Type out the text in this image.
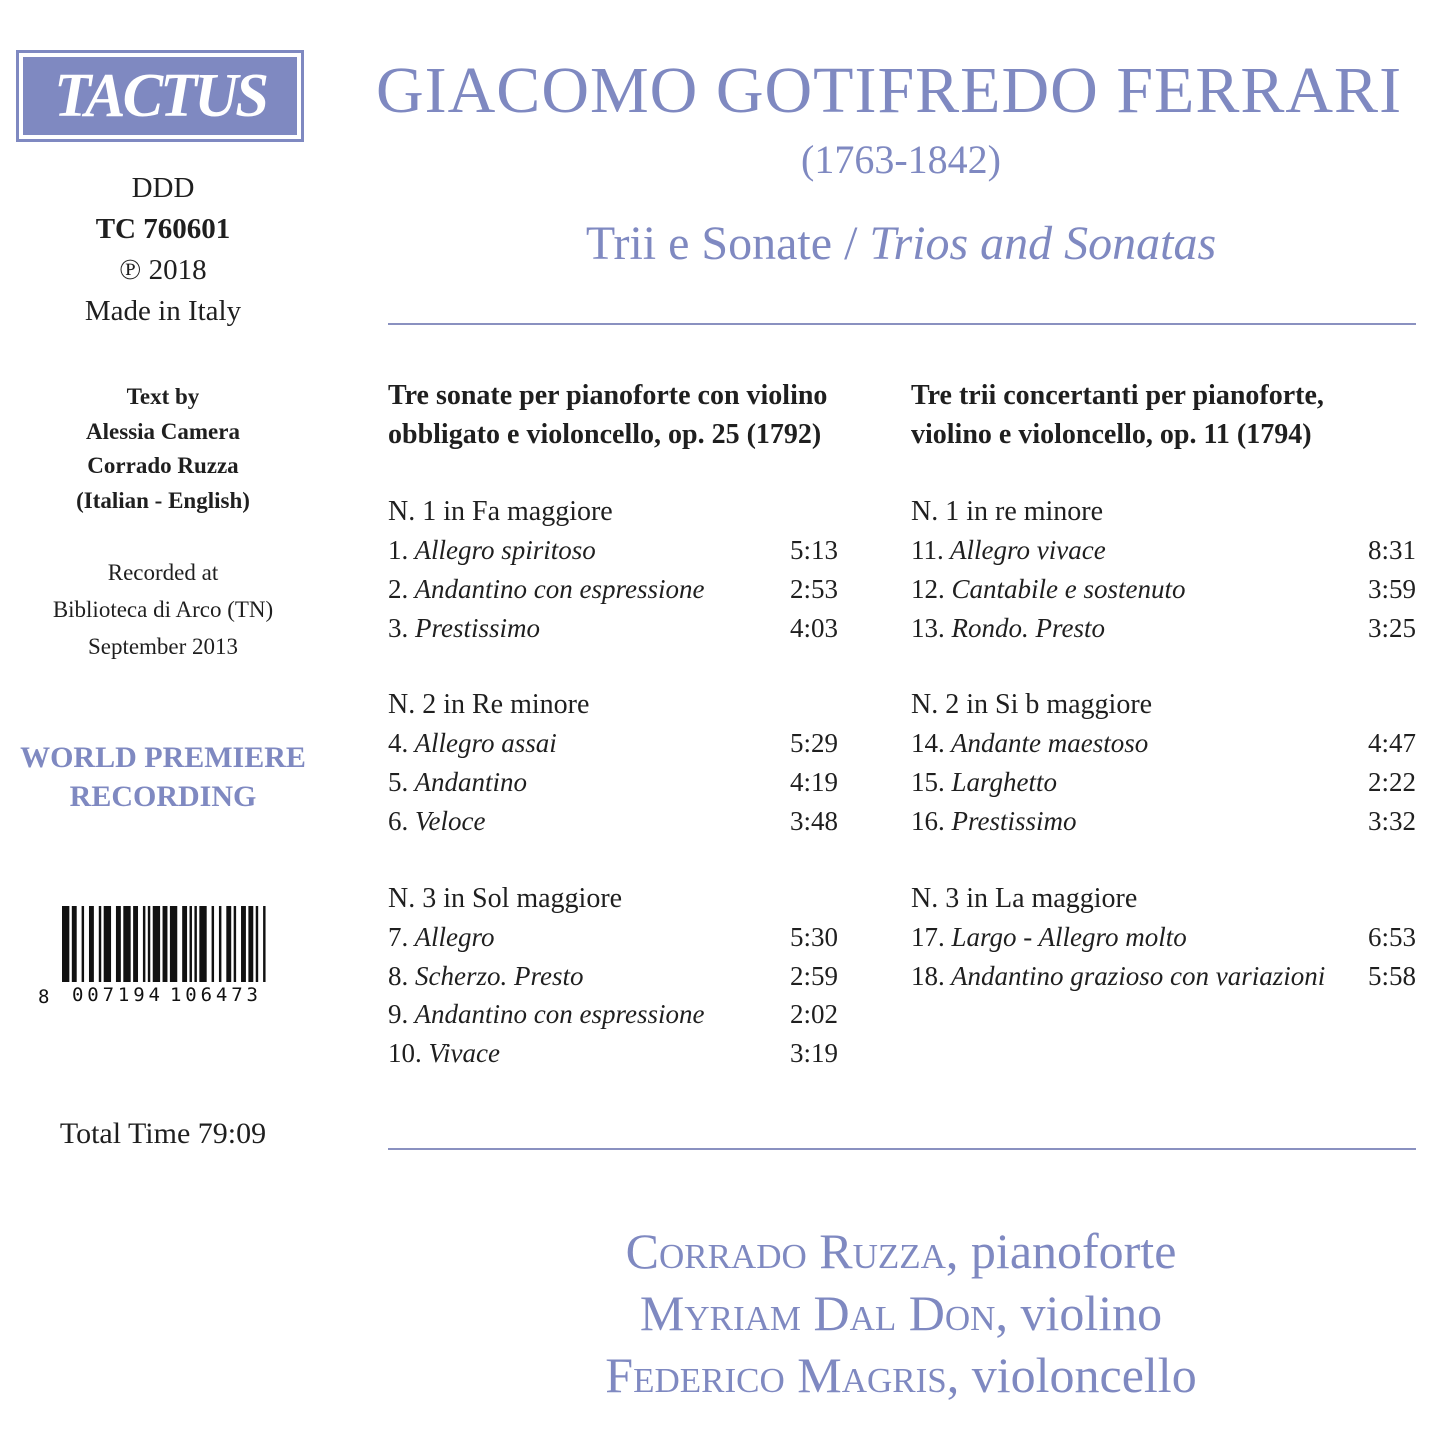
TACTUS
DDD
TC 760601
℗ 2018
Made in Italy
Text by
Alessia Camera
Corrado Ruzza
(Italian - English)
Recorded at
Biblioteca di Arco (TN)
September 2013
WORLD PREMIERE
RECORDING
8 007194 106473
Total Time 79:09
GIACOMO GOTIFREDO FERRARI
(1763-1842)
Trii e Sonate / Trios and Sonatas
Tre sonate per pianoforte con violino
obbligato e violoncello, op. 25 (1792)
N. 1 in Fa maggiore
1. Allegro spiritoso	5:13
2. Andantino con espressione	2:53
3. Prestissimo	4:03
N. 2 in Re minore
4. Allegro assai	5:29
5. Andantino	4:19
6. Veloce	3:48
N. 3 in Sol maggiore
7. Allegro	5:30
8. Scherzo. Presto	2:59
9. Andantino con espressione	2:02
10. Vivace	3:19
Tre trii concertanti per pianoforte,
violino e violoncello, op. 11 (1794)
N. 1 in re minore
11. Allegro vivace	8:31
12. Cantabile e sostenuto	3:59
13. Rondo. Presto	3:25
N. 2 in Si b maggiore
14. Andante maestoso	4:47
15. Larghetto	2:22
16. Prestissimo	3:32
N. 3 in La maggiore
17. Largo - Allegro molto	6:53
18. Andantino grazioso con variazioni 5:58
Corrado Ruzza, pianoforte
Myriam Dal Don, violino
Federico Magris, violoncello
